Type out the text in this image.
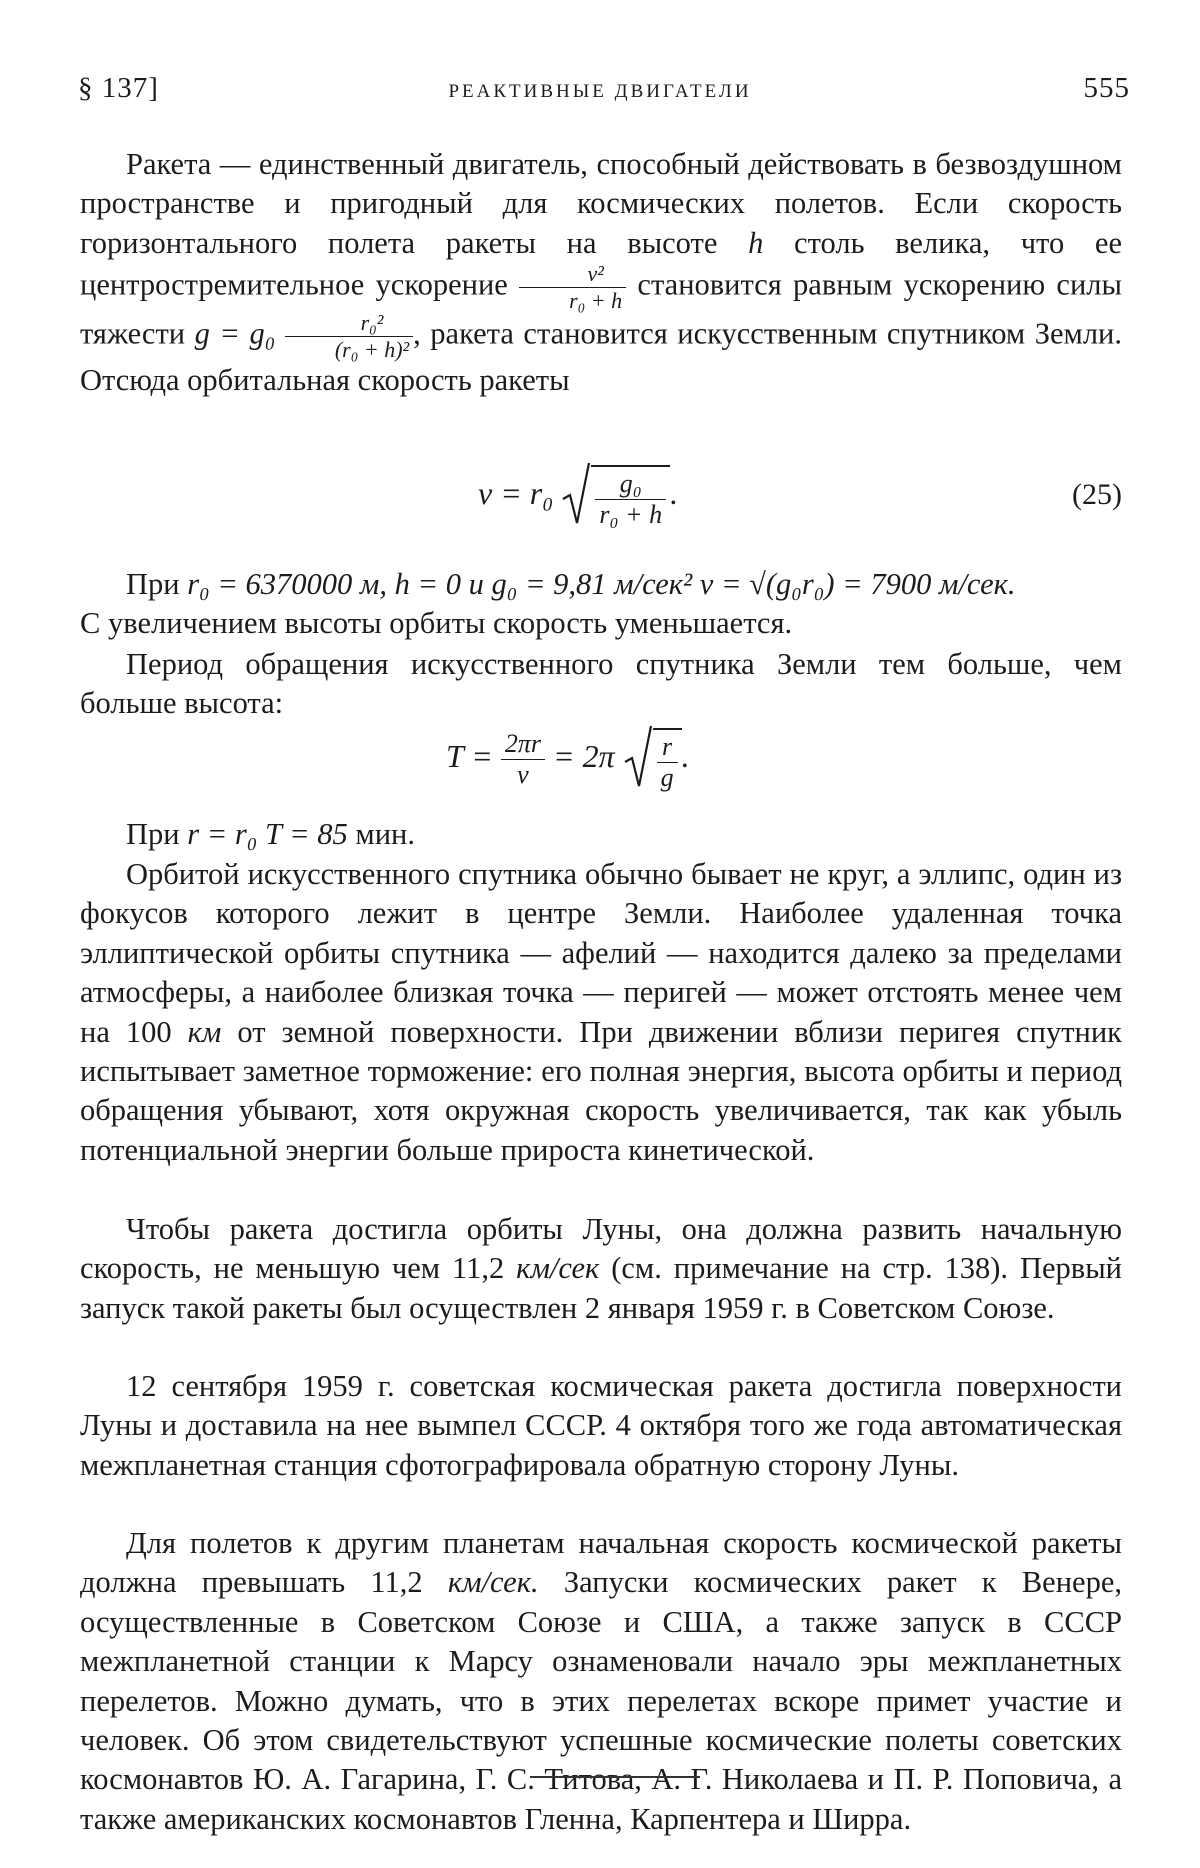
§ 137]	РЕАКТИВНЫЕ ДВИГАТЕЛИ	555

Ракета — единственный двигатель, способный действовать в безвоздушном пространстве и пригодный для космических полетов. Если скорость горизонтального полета ракеты на высоте h столь велика, что ее центростремительное ускорение $\frac{\text{v²}}{\text{r₀ + h}}$ становится равным ускорению силы тяжести $g = g_0 \frac{\text{r₀²}}{\text{(r₀ + h)²}}$ , ракета становится искусственным спутником Земли. Отсюда орбитальная скорость ракеты

$v = r_0 \frac{\text{g₀}}{\text{r₀ + h}}$ .	(25)

При r₀ = 6370000 м, h = 0 и g₀ = 9,81 м/сек² v = √(g₀r₀) = 7900 м/сек.

С увеличением высоты орбиты скорость уменьшается.

Период обращения искусственного спутника Земли тем больше, чем больше высота:

$T = \frac{2\pi r}{v} = 2\pi \frac{r}{g}$ .

При r = r₀ T = 85 мин.

Орбитой искусственного спутника обычно бывает не круг, а эллипс, один из фокусов которого лежит в центре Земли. Наиболее удаленная точка эллиптической орбиты спутника — афелий — находится далеко за пределами атмосферы, а наиболее близкая точка — перигей — может отстоять менее чем на 100 км от земной поверхности. При движении вблизи перигея спутник испытывает заметное торможение: его полная энергия, высота орбиты и период обращения убывают, хотя окружная скорость увеличивается, так как убыль потенциальной энергии больше прироста кинетической.

Чтобы ракета достигла орбиты Луны, она должна развить начальную скорость, не меньшую чем 11,2 км/сек (см. примечание на стр. 138). Первый запуск такой ракеты был осуществлен 2 января 1959 г. в Советском Союзе.

12 сентября 1959 г. советская космическая ракета достигла поверхности Луны и доставила на нее вымпел СССР. 4 октября того же года автоматическая межпланетная станция сфотографировала обратную сторону Луны.

Для полетов к другим планетам начальная скорость космической ракеты должна превышать 11,2 км/сек. Запуски космических ракет к Венере, осуществленные в Советском Союзе и США, а также запуск в СССР межпланетной станции к Марсу ознаменовали начало эры межпланетных перелетов. Можно думать, что в этих перелетах вскоре примет участие и человек. Об этом свидетельствуют успешные космические полеты советских космонавтов Ю. А. Гагарина, Г. С. Титова, А. Г. Николаева и П. Р. Поповича, а также американских космонавтов Гленна, Карпентера и Ширра.
